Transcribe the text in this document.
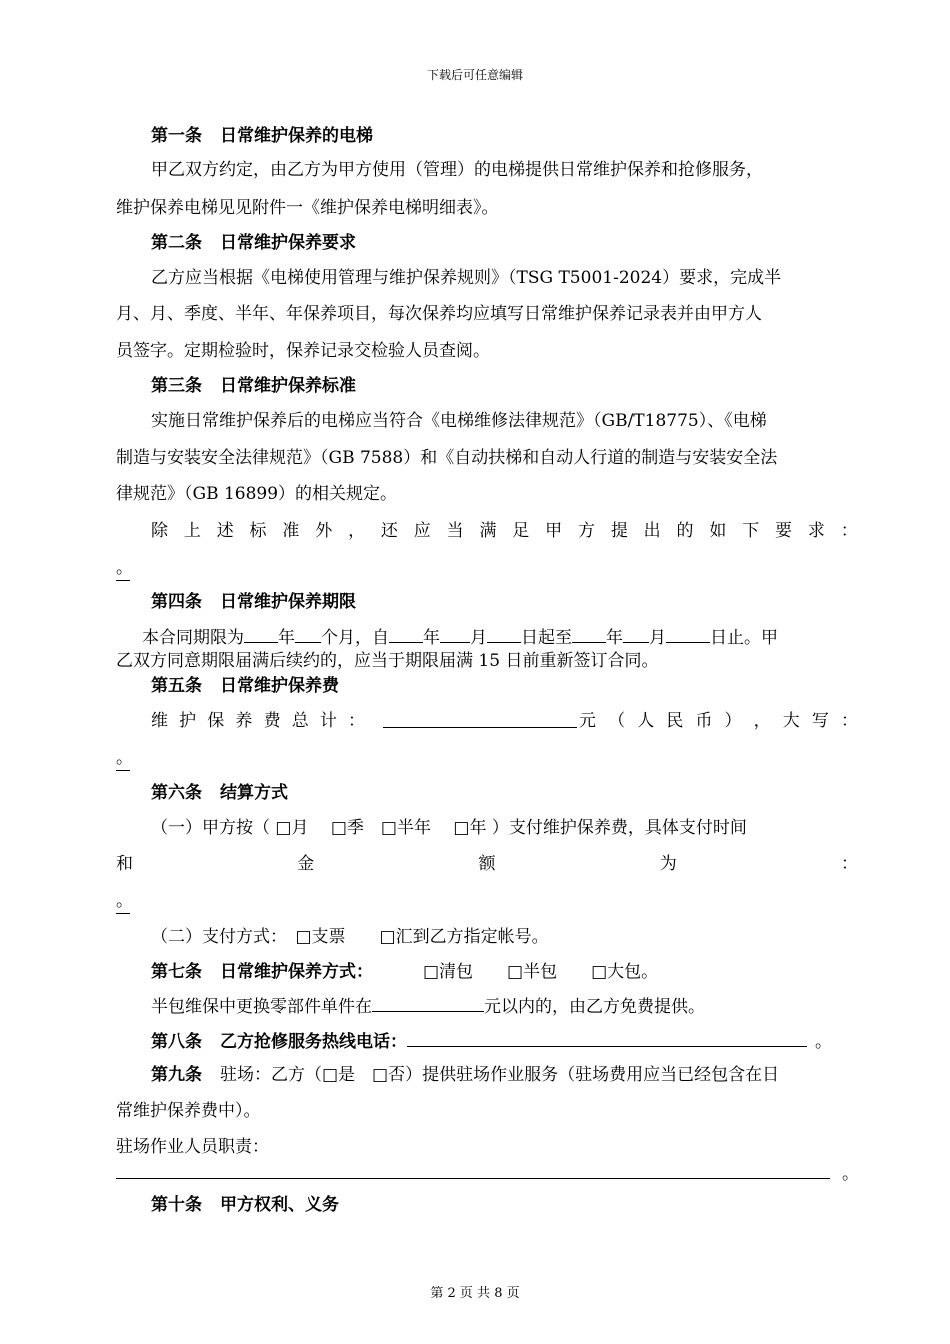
下载后可任意编辑
第一条 日常维护保养的电梯
甲乙双方约定，由乙方为甲方使用（管理）的电梯提供日常维护保养和抢修服务，
维护保养电梯见见附件一《维护保养电梯明细表》。
第二条 日常维护保养要求
乙方应当根据《电梯使用管理与维护保养规则》（TSG T5001-2024）要求，完成半
月、月、季度、半年、年保养项目，每次保养均应填写日常维护保养记录表并由甲方人
员签字。定期检验时，保养记录交检验人员查阅。
第三条 日常维护保养标准
实施日常维护保养后的电梯应当符合《电梯维修法律规范》（GB/T18775）、《电梯
制造与安装安全法律规范》（GB 7588）和《自动扶梯和自动人行道的制造与安装安全法
律规范》（GB 16899）的相关规定。
除 上 述 标 准 外 ， 还 应 当 满 足 甲 方 提 出 的 如 下 要 求 ：
。
第四条 日常维护保养期限
本合同期限为 年 个月，自 年 月 日起至 年 月	日止。甲
乙双方同意期限届满后续约的，应当于期限届满 15 日前重新签订合同。
第五条 日常维护保养费
维 护 保 养 费 总 计 ：	元 （ 人 民 币 ） ， 大 写 ：
。
第六条 结算方式
（一）甲方按（ □月　 □季　□半年　 □年 ）支付维护保养费，具体支付时间
和	金	额	为	：
。
（二）支付方式：　□支票　　□汇到乙方指定帐号。
第七条 日常维护保养方式：	□清包　　□半包　　□大包。
半包维保中更换零部件单件在	元以内的，由乙方免费提供。
第八条 乙方抢修服务热线电话：	。
第九条 驻场：乙方（□是　□否）提供驻场作业服务（驻场费用应当已经包含在日
常维护保养费中）。
驻场作业人员职责：
。
第十条 甲方权利、义务
第 2 页 共 8 页
